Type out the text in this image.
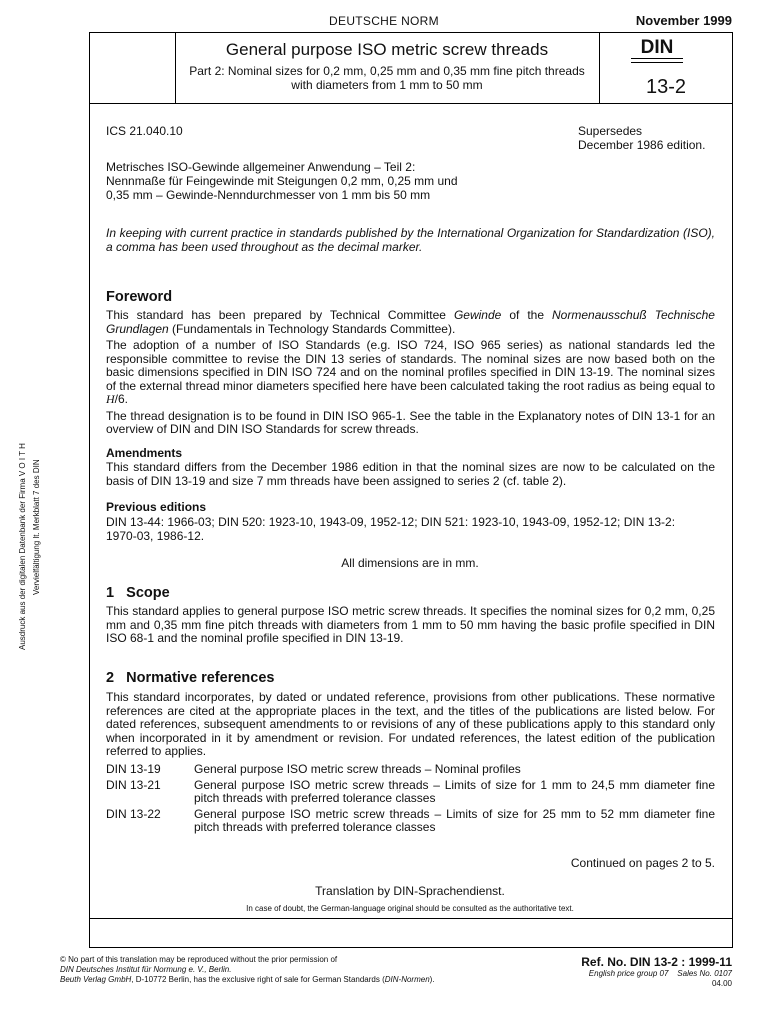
DEUTSCHE NORM	November 1999
General purpose ISO metric screw threads
Part 2: Nominal sizes for 0,2 mm, 0,25 mm and 0,35 mm fine pitch threads with diameters from 1 mm to 50 mm
DIN
13-2
ICS 21.040.10	Supersedes
December 1986 edition.
Metrisches ISO-Gewinde allgemeiner Anwendung – Teil 2: Nennmaße für Feingewinde mit Steigungen 0,2 mm, 0,25 mm und 0,35 mm – Gewinde-Nenndurchmesser von 1 mm bis 50 mm
In keeping with current practice in standards published by the International Organization for Standardization (ISO), a comma has been used throughout as the decimal marker.
Foreword

This standard has been prepared by Technical Committee Gewinde of the Normenausschuß Technische Grundlagen (Fundamentals in Technology Standards Committee).

The adoption of a number of ISO Standards (e.g. ISO 724, ISO 965 series) as national standards led the responsible committee to revise the DIN 13 series of standards. The nominal sizes are now based both on the basic dimensions specified in DIN ISO 724 and on the nominal profiles specified in DIN 13-19. The nominal sizes of the external thread minor diameters specified here have been calculated taking the root radius as being equal to H/6.

The thread designation is to be found in DIN ISO 965-1. See the table in the Explanatory notes of DIN 13-1 for an overview of DIN and DIN ISO Standards for screw threads.

Amendments
This standard differs from the December 1986 edition in that the nominal sizes are now to be calculated on the basis of DIN 13-19 and size 7 mm threads have been assigned to series 2 (cf. table 2).
Previous editions
DIN 13-44: 1966-03; DIN 520: 1923-10, 1943-09, 1952-12; DIN 521: 1923-10, 1943-09, 1952-12; DIN 13-2: 1970-03, 1986-12.
All dimensions are in mm.
1   Scope
This standard applies to general purpose ISO metric screw threads. It specifies the nominal sizes for 0,2 mm, 0,25 mm and 0,35 mm fine pitch threads with diameters from 1 mm to 50 mm having the basic profile specified in DIN ISO 68-1 and the nominal profile specified in DIN 13-19.
2   Normative references
This standard incorporates, by dated or undated reference, provisions from other publications. These normative references are cited at the appropriate places in the text, and the titles of the publications are listed below. For dated references, subsequent amendments to or revisions of any of these publications apply to this standard only when incorporated in it by amendment or revision. For undated references, the latest edition of the publication referred to applies.
DIN 13-19	General purpose ISO metric screw threads – Nominal profiles
DIN 13-21	General purpose ISO metric screw threads – Limits of size for 1 mm to 24,5 mm diameter fine pitch threads with preferred tolerance classes
DIN 13-22	General purpose ISO metric screw threads – Limits of size for 25 mm to 52 mm diameter fine pitch threads with preferred tolerance classes
Continued on pages 2 to 5.
Translation by DIN-Sprachendienst.
In case of doubt, the German-language original should be consulted as the authoritative text.
Ausdruck aus der digitalen Datenbank der Firma V O I T H Vervielfältigung lt. Merkblatt 7 des DIN
© No part of this translation may be reproduced without the prior permission of
DIN Deutsches Institut für Normung e. V., Berlin.
Beuth Verlag GmbH, D-10772 Berlin, has the exclusive right of sale for German Standards (DIN-Normen).
Ref. No. DIN 13-2 : 1999-11
English price group 07 Sales No. 0107
04.00
